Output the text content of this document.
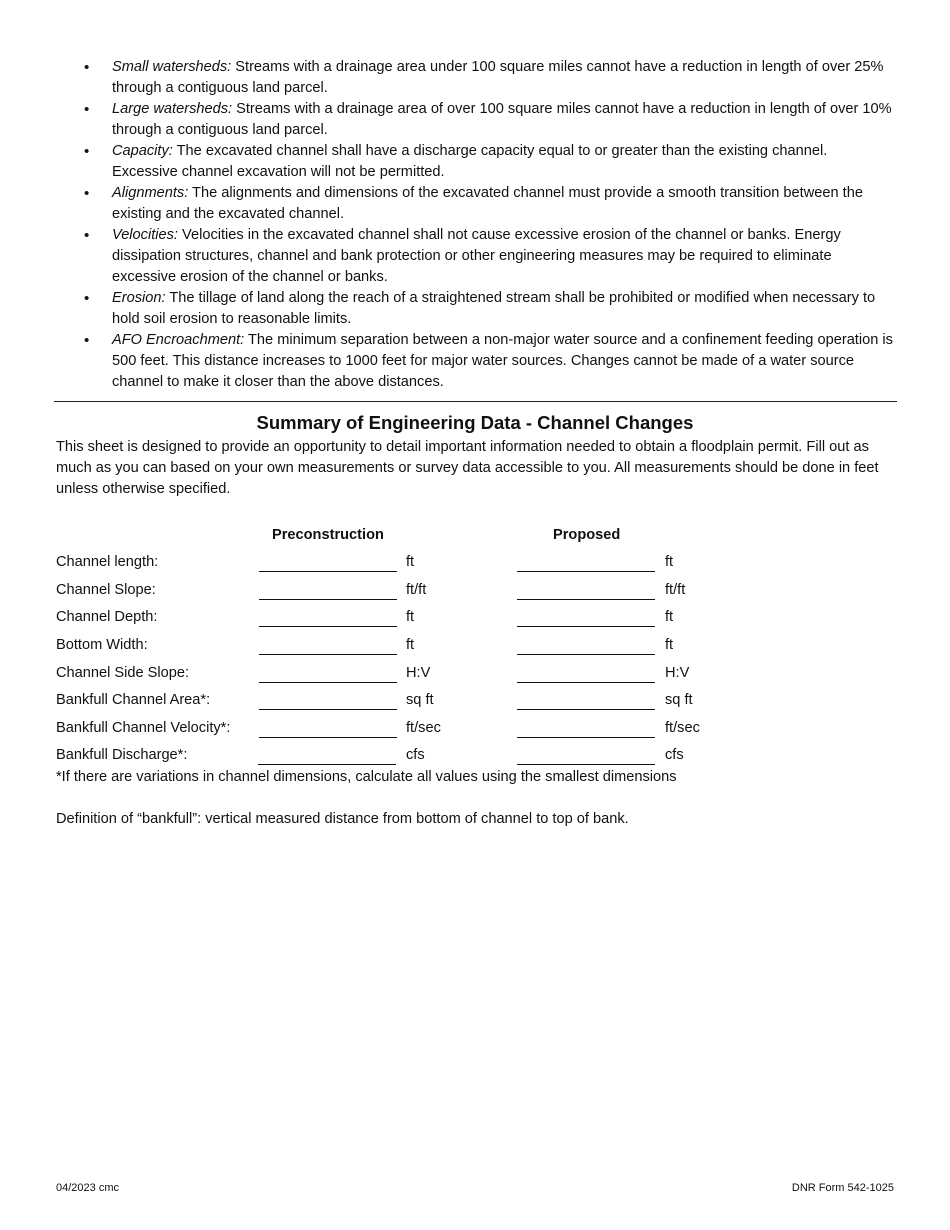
• Small watersheds: Streams with a drainage area under 100 square miles cannot have a reduction in length of over 25% through a contiguous land parcel.
• Large watersheds: Streams with a drainage area of over 100 square miles cannot have a reduction in length of over 10% through a contiguous land parcel.
• Capacity: The excavated channel shall have a discharge capacity equal to or greater than the existing channel. Excessive channel excavation will not be permitted.
• Alignments: The alignments and dimensions of the excavated channel must provide a smooth transition between the existing and the excavated channel.
• Velocities: Velocities in the excavated channel shall not cause excessive erosion of the channel or banks. Energy dissipation structures, channel and bank protection or other engineering measures may be required to eliminate excessive erosion of the channel or banks.
• Erosion: The tillage of land along the reach of a straightened stream shall be prohibited or modified when necessary to hold soil erosion to reasonable limits.
• AFO Encroachment: The minimum separation between a non-major water source and a confinement feeding operation is 500 feet. This distance increases to 1000 feet for major water sources. Changes cannot be made of a water source channel to make it closer than the above distances.
Summary of Engineering Data - Channel Changes

This sheet is designed to provide an opportunity to detail important information needed to obtain a floodplain permit. Fill out as much as you can based on your own measurements or survey data accessible to you. All measurements should be done in feet unless otherwise specified.

Preconstruction	Proposed
Channel length:	ft	ft
Channel Slope:	ft/ft	ft/ft
Channel Depth:	ft	ft
Bottom Width:	ft	ft
Channel Side Slope:	H:V	H:V
Bankfull Channel Area*:	sq ft	sq ft
Bankfull Channel Velocity*:	ft/sec	ft/sec
Bankfull Discharge*:	cfs	cfs

*If there are variations in channel dimensions, calculate all values using the smallest dimensions

Definition of “bankfull”: vertical measured distance from bottom of channel to top of bank.

04/2023 cmc	DNR Form 542-1025
